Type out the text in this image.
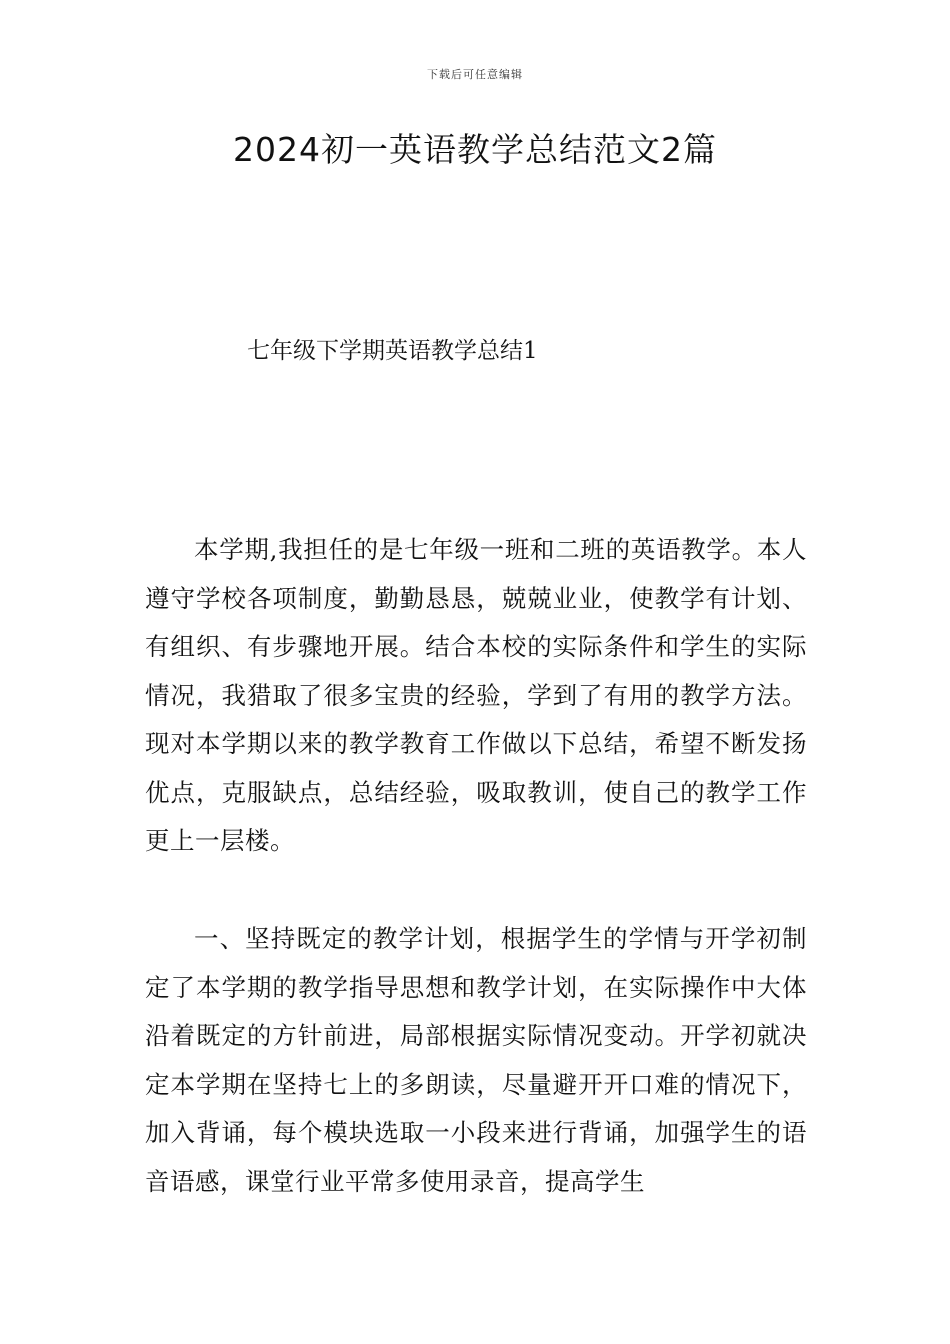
下载后可任意编辑
2024初一英语教学总结范文2篇
七年级下学期英语教学总结1

本学期,我担任的是七年级一班和二班的英语教学。本人遵守学校各项制度，勤勤恳恳，兢兢业业，使教学有计划、有组织、有步骤地开展。结合本校的实际条件和学生的实际情况，我猎取了很多宝贵的经验，学到了有用的教学方法。现对本学期以来的教学教育工作做以下总结，希望不断发扬优点，克服缺点，总结经验，吸取教训，使自己的教学工作更上一层楼。

一、坚持既定的教学计划，根据学生的学情与开学初制定了本学期的教学指导思想和教学计划，在实际操作中大体沿着既定的方针前进，局部根据实际情况变动。开学初就决定本学期在坚持七上的多朗读，尽量避开开口难的情况下，加入背诵，每个模块选取一小段来进行背诵，加强学生的语音语感，课堂行业平常多使用录音，提高学生
